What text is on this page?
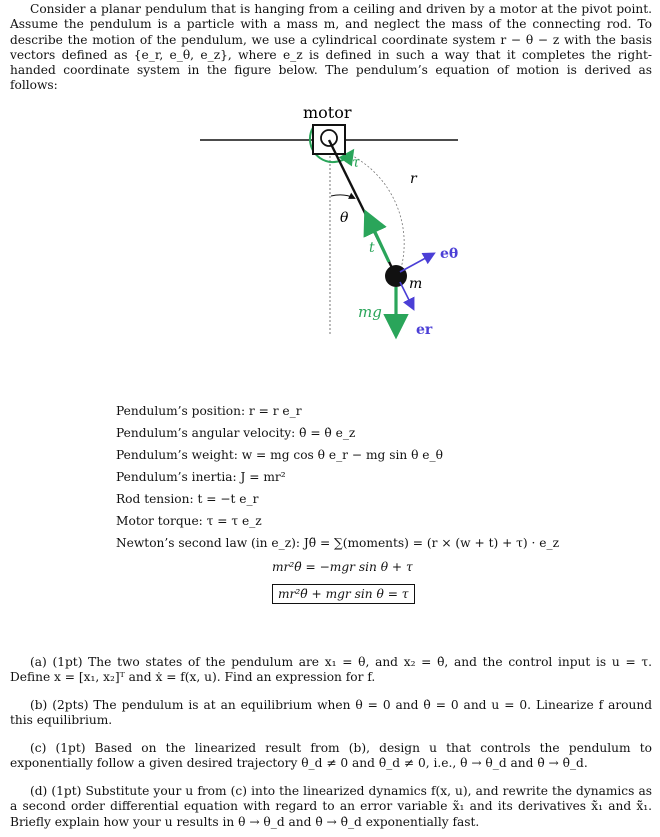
Consider a planar pendulum that is hanging from a ceiling and driven by a motor at the pivot point. Assume the pendulum is a particle with a mass m, and neglect the mass of the connecting rod. To describe the motion of the pendulum, we use a cylindrical coordinate system r − θ − z with the basis vectors defined as {e_r, e_θ, e_z}, where e_z is defined in such a way that it completes the right-handed coordinate system in the figure below. The pendulum’s equation of motion is derived as follows:

motor
r
τ
θ
t
m
mg
eθ
er
Pendulum’s position: r = r e_r
Pendulum’s angular velocity: θ̇ = θ̇ e_z
Pendulum’s weight: w = mg cos θ e_r − mg sin θ e_θ
Pendulum’s inertia: J = mr²
Rod tension: t = −t e_r
Motor torque: τ = τ e_z
Newton’s second law (in e_z): Jθ̈ = ∑(moments) = (r × (w + t) + τ) · e_z
mr²θ̈ = −mgr sin θ + τ
mr²θ̈ + mgr sin θ = τ

(a) (1pt) The two states of the pendulum are x₁ = θ, and x₂ = θ̇, and the control input is u = τ. Define x = [x₁, x₂]ᵀ and ẋ = f(x, u). Find an expression for f.

(b) (2pts) The pendulum is at an equilibrium when θ = 0 and θ̇ = 0 and u = 0. Linearize f around this equilibrium.

(c) (1pt) Based on the linearized result from (b), design u that controls the pendulum to exponentially follow a given desired trajectory θ_d ≠ 0 and θ̇_d ≠ 0, i.e., θ → θ_d and θ̇ → θ̇_d.

(d) (1pt) Substitute your u from (c) into the linearized dynamics f(x, u), and rewrite the dynamics as a second order differential equation with regard to an error variable x̃₁ and its derivatives x̃̇₁ and x̃̈₁. Briefly explain how your u results in θ → θ_d and θ̇ → θ̇_d exponentially fast.
